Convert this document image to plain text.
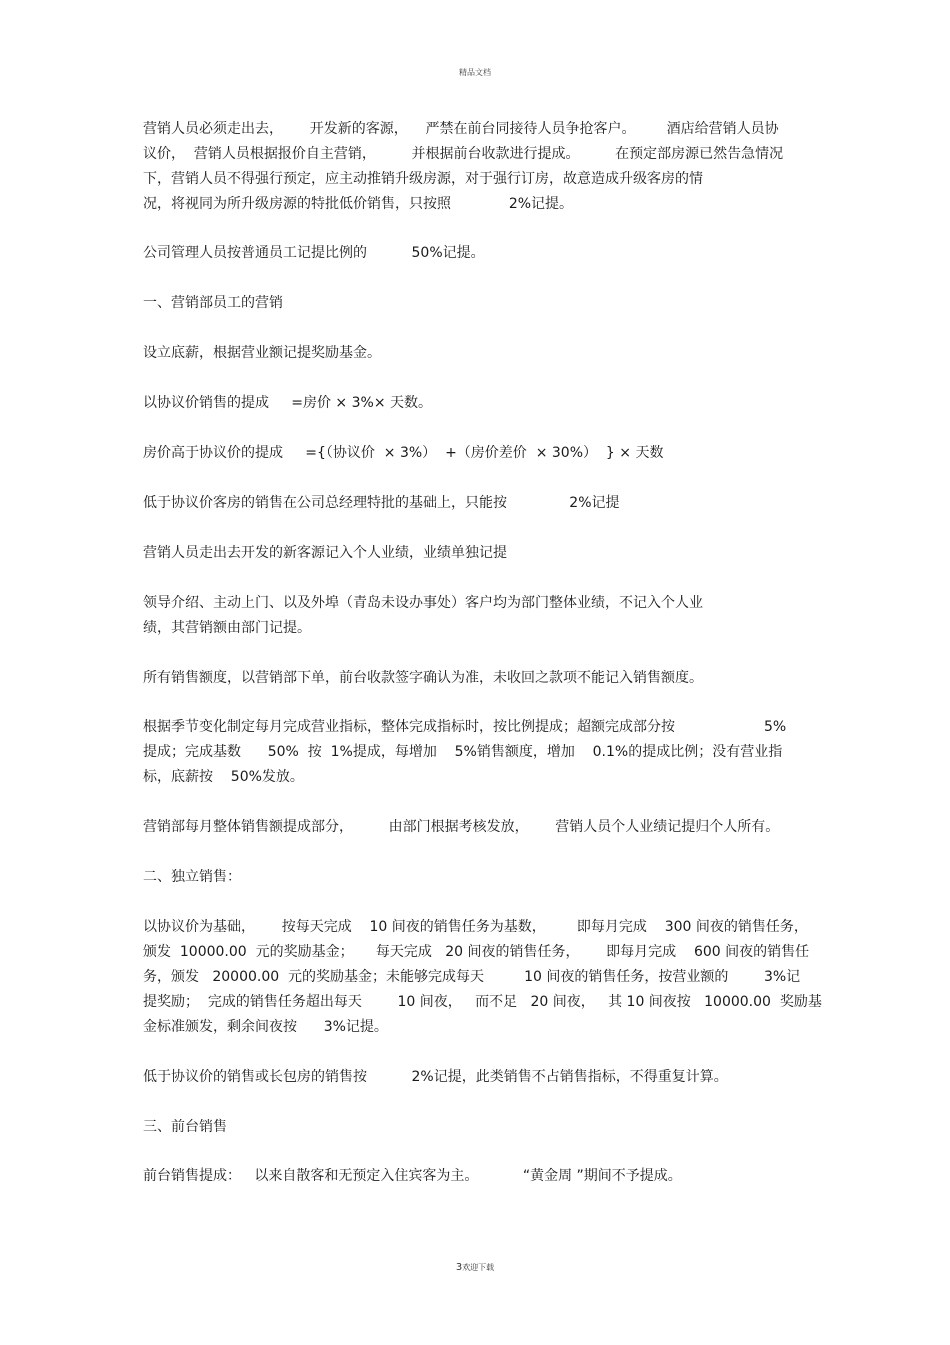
精品文档
营销人员必须走出去，      开发新的客源，    严禁在前台同接待人员争抢客户。       酒店给营销人员协
议价，  营销人员根据报价自主营销，        并根据前台收款进行提成。        在预定部房源已然告急情况
下，营销人员不得强行预定，应主动推销升级房源，对于强行订房，故意造成升级客房的情
况，将视同为所升级房源的特批低价销售，只按照             2%记提。
公司管理人员按普通员工记提比例的          50%记提。
一、营销部员工的营销
设立底薪，根据营业额记提奖励基金。
以协议价销售的提成     =房价 × 3%× 天数。
房价高于协议价的提成     ={（协议价  × 3%）  +（房价差价  × 30%）  } × 天数
低于协议价客房的销售在公司总经理特批的基础上，只能按              2%记提
营销人员走出去开发的新客源记入个人业绩，业绩单独记提
领导介绍、主动上门、以及外埠（青岛未设办事处）客户均为部门整体业绩，不记入个人业
绩，其营销额由部门记提。
所有销售额度，以营销部下单，前台收款签字确认为准，未收回之款项不能记入销售额度。
根据季节变化制定每月完成营业指标，整体完成指标时，按比例提成；超额完成部分按                    5%
提成；完成基数      50%  按  1%提成，每增加    5%销售额度，增加    0.1%的提成比例；没有营业指
标，底薪按    50%发放。
营销部每月整体销售额提成部分，        由部门根据考核发放，      营销人员个人业绩记提归个人所有。
二、独立销售：
以协议价为基础，      按每天完成    10 间夜的销售任务为基数，       即每月完成    300 间夜的销售任务，
颁发  10000.00  元的奖励基金；     每天完成   20 间夜的销售任务，      即每月完成    600 间夜的销售任
务，颁发   20000.00  元的奖励基金；未能够完成每天         10 间夜的销售任务，按营业额的        3%记
提奖励；  完成的销售任务超出每天        10 间夜，   而不足   20 间夜，   其 10 间夜按   10000.00  奖励基
金标准颁发，剩余间夜按      3%记提。
低于协议价的销售或长包房的销售按          2%记提，此类销售不占销售指标，不得重复计算。
三、前台销售
前台销售提成：   以来自散客和无预定入住宾客为主。          “黄金周 ”期间不予提成。
3欢迎下载
